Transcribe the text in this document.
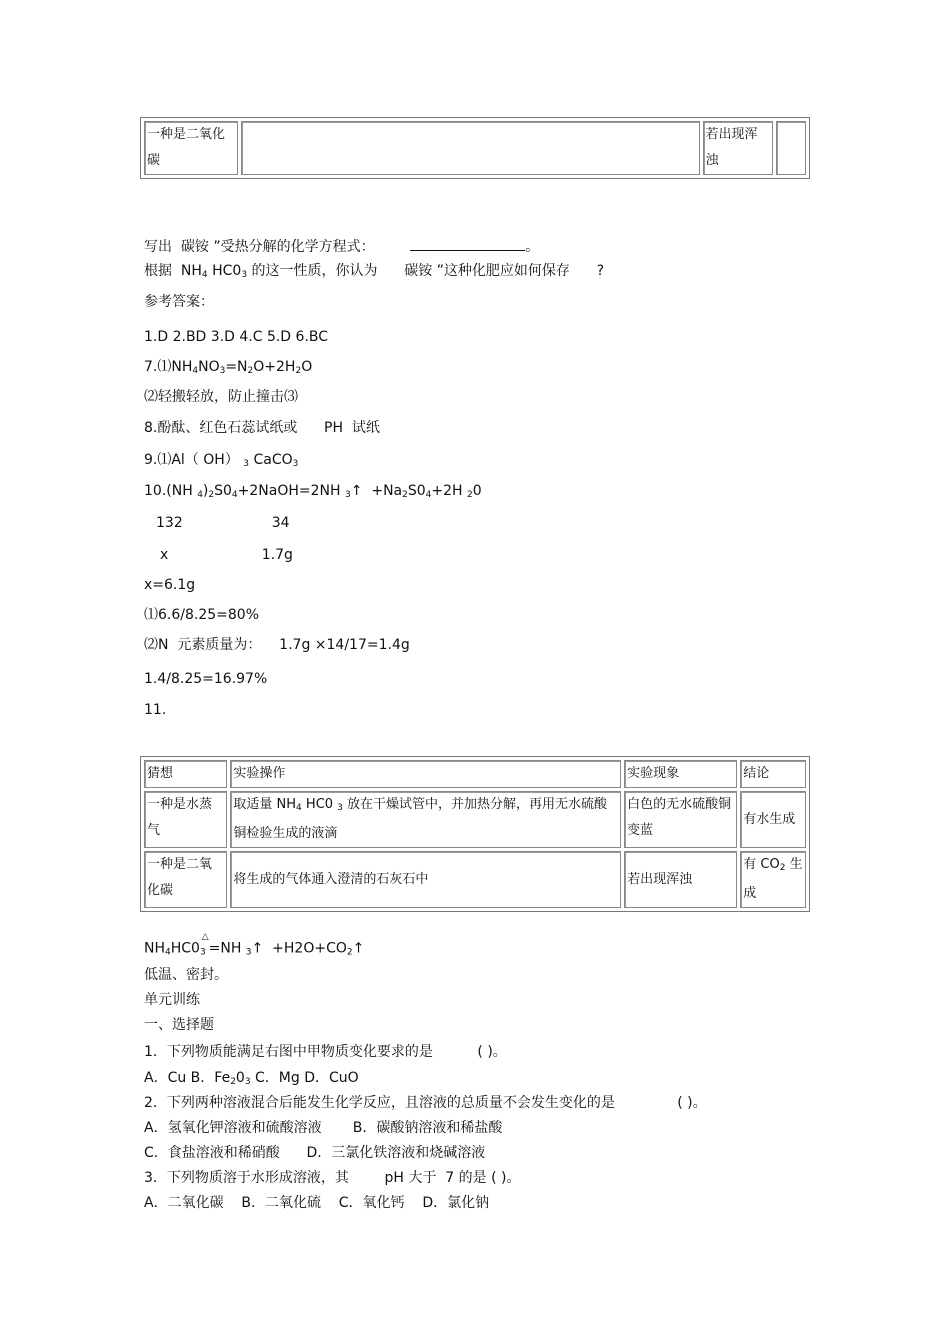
一种是二氧化碳		若出现浑浊	
写出  碳铵 ”受热分解的化学方程式：	。
根据  $NH_4$ $HC0_3$ 的这一性质，你认为      碳铵 ”这种化肥应如何保存      ?
参考答案：
1.D 2.BD 3.D 4.C 5.D 6.BC
$7.⑴NH_4NO_3=N_2O+2H_2O$
⑵轻搬轻放，防止撞击⑶
8.酚酞、红色石蕊试纸或      PH  试纸
9.⑴Al（ OH） $_3$ CaCO$_3$
10.(NH $_4)_2S0_4+2NaOH=2NH$ $_3$↑  $+Na_2S0_4+2H$ $_2$0
132                    34
x                     1.7g
x=6.1g
⑴6.6/8.25=80%
⑵N  元素质量为：    1.7g ×14/17=1.4g
1.4/8.25=16.97%
11.
猜想	实验操作	实验现象	结论
一种是水蒸气	取适量 $NH_4$ HC0 $_3$ 放在干燥试管中，并加热分解，再用无水硫酸铜检验生成的液滴	白色的无水硫酸铜变蓝	有水生成
一种是二氧化碳	将生成的气体通入澄清的石灰石中	若出现浑浊	有 $CO_2$ 生成
$NH_4HC0_3^\triangle=NH$ $_3$↑  $+H2O+CO_2↑$
低温、密封。
单元训练
一、选择题
1．下列物质能满足右图中甲物质变化要求的是          ( )。
A．Cu B．$Fe_20_3$ C．Mg D．CuO
2．下列两种溶液混合后能发生化学反应，且溶液的总质量不会发生变化的是              ( )。
A．氢氧化钾溶液和硫酸溶液       B．碳酸钠溶液和稀盐酸
C．食盐溶液和稀硝酸      D．三氯化铁溶液和烧碱溶液
3．下列物质溶于水形成溶液，其        pH 大于  7 的是 ( )。
A．二氧化碳    B．二氧化硫    C．氧化钙    D．氯化钠
